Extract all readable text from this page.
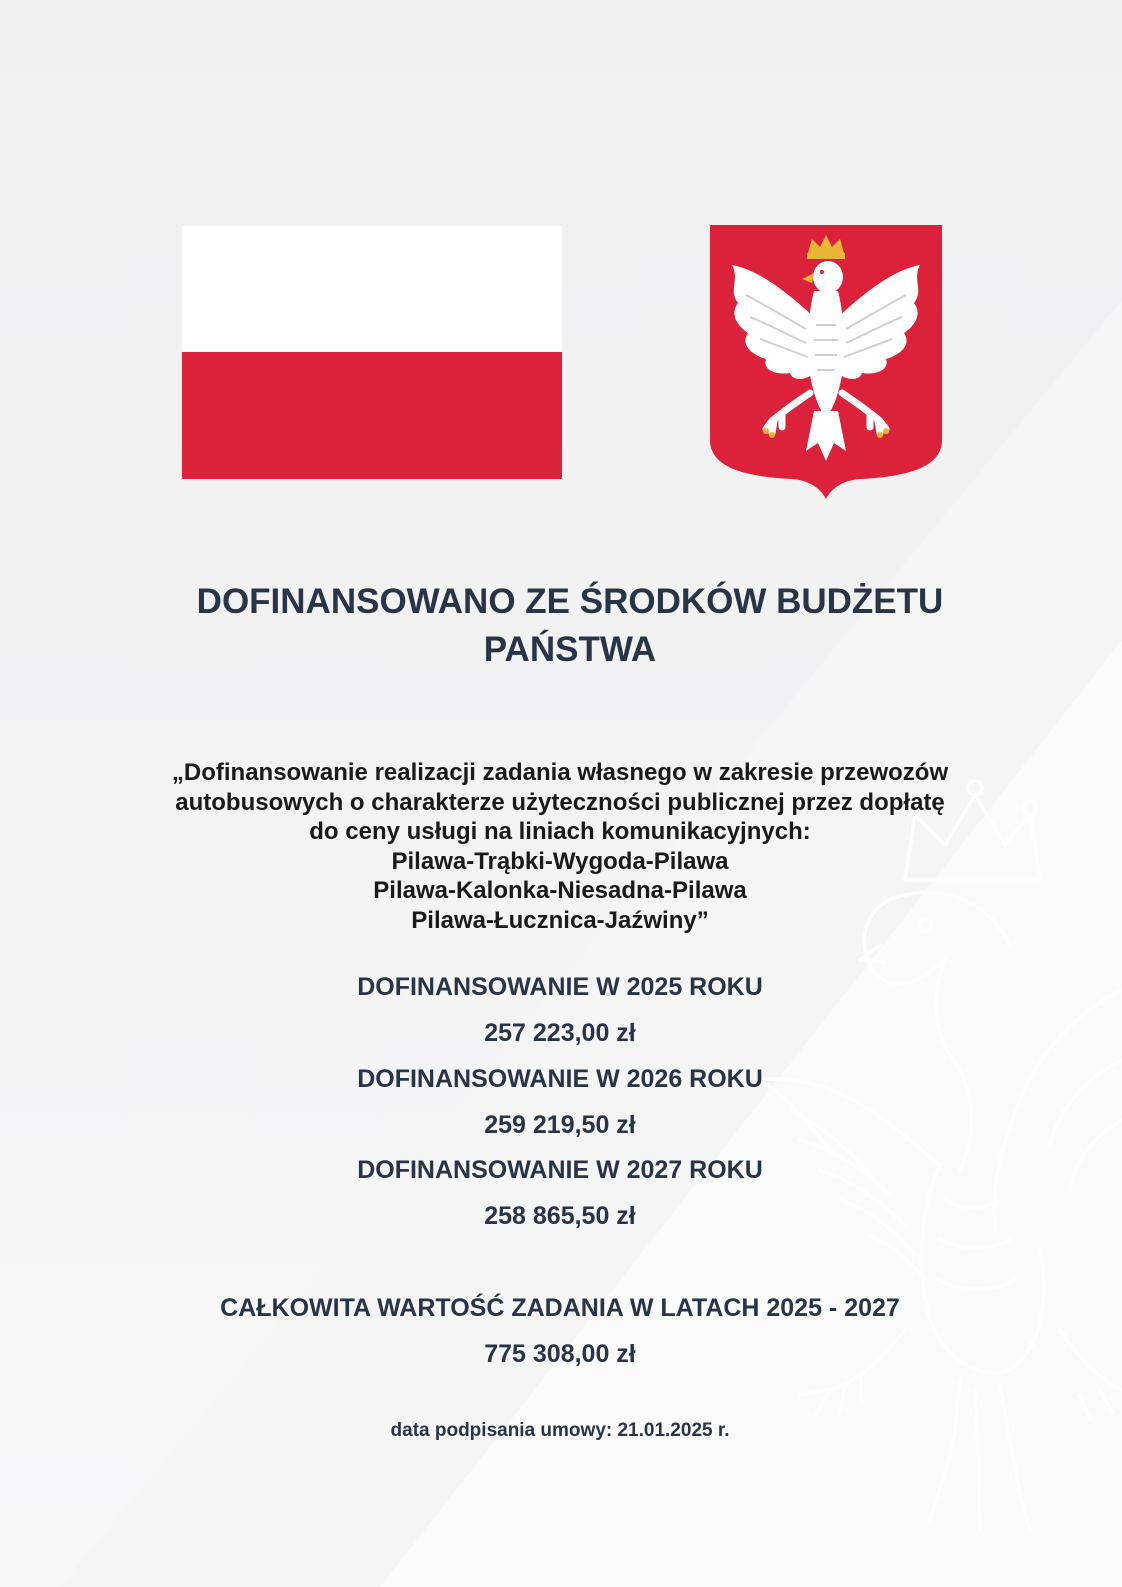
DOFINANSOWANO ZE ŚRODKÓW BUDŻETU
PAŃSTWA
„Dofinansowanie realizacji zadania własnego w zakresie przewozów
autobusowych o charakterze użyteczności publicznej przez dopłatę
do ceny usługi na liniach komunikacyjnych:
Pilawa-Trąbki-Wygoda-Pilawa
Pilawa-Kalonka-Niesadna-Pilawa
Pilawa-Łucznica-Jaźwiny”
DOFINANSOWANIE W 2025 ROKU
257 223,00 zł
DOFINANSOWANIE W 2026 ROKU
259 219,50 zł
DOFINANSOWANIE W 2027 ROKU
258 865,50 zł
CAŁKOWITA WARTOŚĆ ZADANIA W LATACH 2025 - 2027
775 308,00 zł
data podpisania umowy: 21.01.2025 r.
